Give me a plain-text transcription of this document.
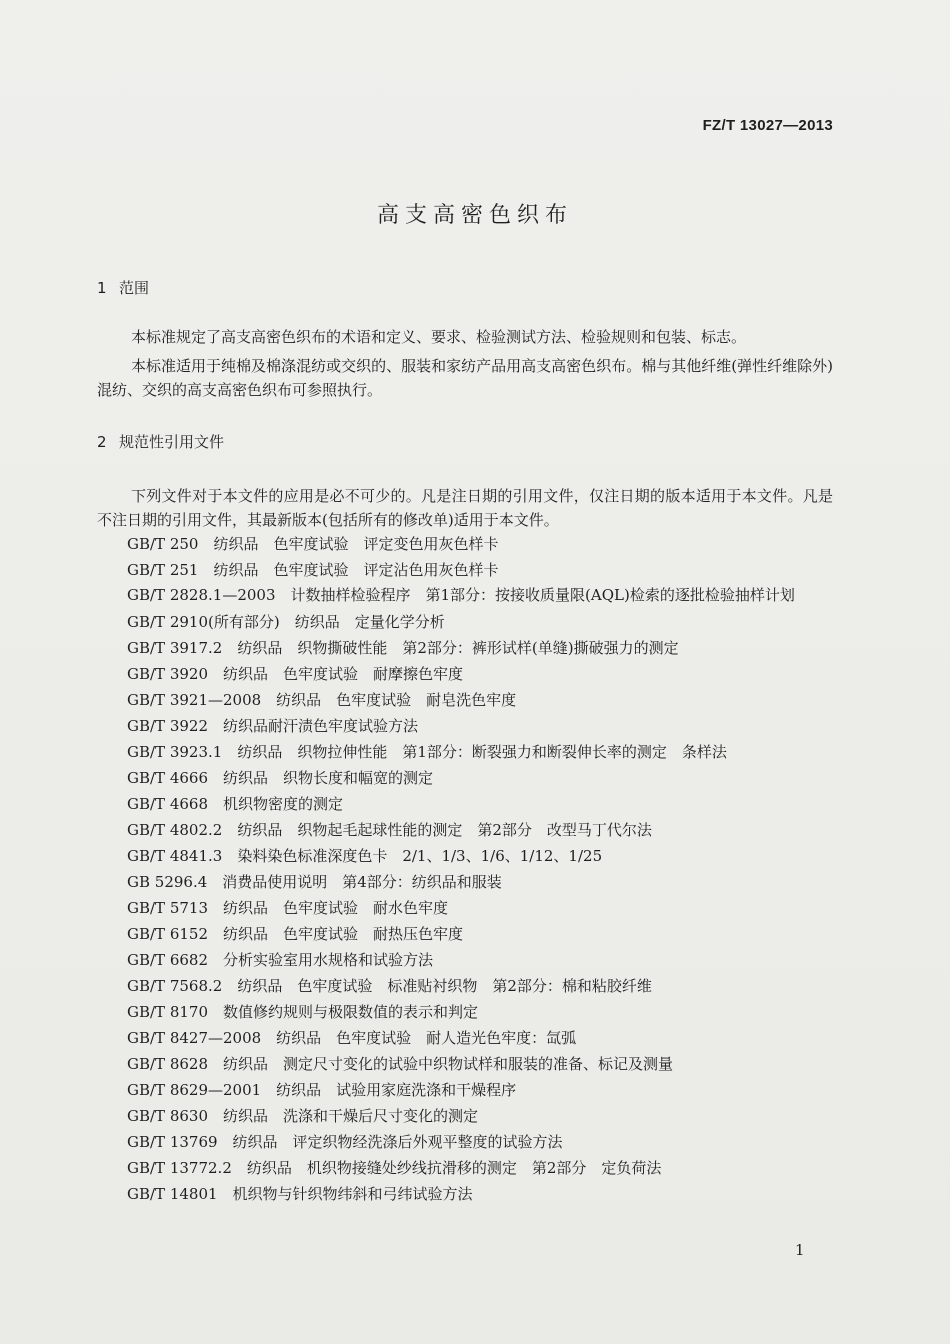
FZ/T 13027—2013
高支高密色织布
1 范围
本标准规定了高支高密色织布的术语和定义、要求、检验测试方法、检验规则和包装、标志。
本标准适用于纯棉及棉涤混纺或交织的、服装和家纺产品用高支高密色织布。棉与其他纤维(弹性纤维除外)混纺、交织的高支高密色织布可参照执行。
2 规范性引用文件
下列文件对于本文件的应用是必不可少的。凡是注日期的引用文件，仅注日期的版本适用于本文件。凡是不注日期的引用文件，其最新版本(包括所有的修改单)适用于本文件。
GB/T 250　纺织品　色牢度试验　评定变色用灰色样卡
GB/T 251　纺织品　色牢度试验　评定沾色用灰色样卡
GB/T 2828.1—2003　计数抽样检验程序　第1部分：按接收质量限(AQL)检索的逐批检验抽样计划
GB/T 2910(所有部分)　纺织品　定量化学分析
GB/T 3917.2　纺织品　织物撕破性能　第2部分：裤形试样(单缝)撕破强力的测定
GB/T 3920　纺织品　色牢度试验　耐摩擦色牢度
GB/T 3921—2008　纺织品　色牢度试验　耐皂洗色牢度
GB/T 3922　纺织品耐汗渍色牢度试验方法
GB/T 3923.1　纺织品　织物拉伸性能　第1部分：断裂强力和断裂伸长率的测定　条样法
GB/T 4666　纺织品　织物长度和幅宽的测定
GB/T 4668　机织物密度的测定
GB/T 4802.2　纺织品　织物起毛起球性能的测定　第2部分　改型马丁代尔法
GB/T 4841.3　染料染色标准深度色卡　2/1、1/3、1/6、1/12、1/25
GB 5296.4　消费品使用说明　第4部分：纺织品和服装
GB/T 5713　纺织品　色牢度试验　耐水色牢度
GB/T 6152　纺织品　色牢度试验　耐热压色牢度
GB/T 6682　分析实验室用水规格和试验方法
GB/T 7568.2　纺织品　色牢度试验　标准贴衬织物　第2部分：棉和粘胶纤维
GB/T 8170　数值修约规则与极限数值的表示和判定
GB/T 8427—2008　纺织品　色牢度试验　耐人造光色牢度：氙弧
GB/T 8628　纺织品　测定尺寸变化的试验中织物试样和服装的准备、标记及测量
GB/T 8629—2001　纺织品　试验用家庭洗涤和干燥程序
GB/T 8630　纺织品　洗涤和干燥后尺寸变化的测定
GB/T 13769　纺织品　评定织物经洗涤后外观平整度的试验方法
GB/T 13772.2　纺织品　机织物接缝处纱线抗滑移的测定　第2部分　定负荷法
GB/T 14801　机织物与针织物纬斜和弓纬试验方法
1
